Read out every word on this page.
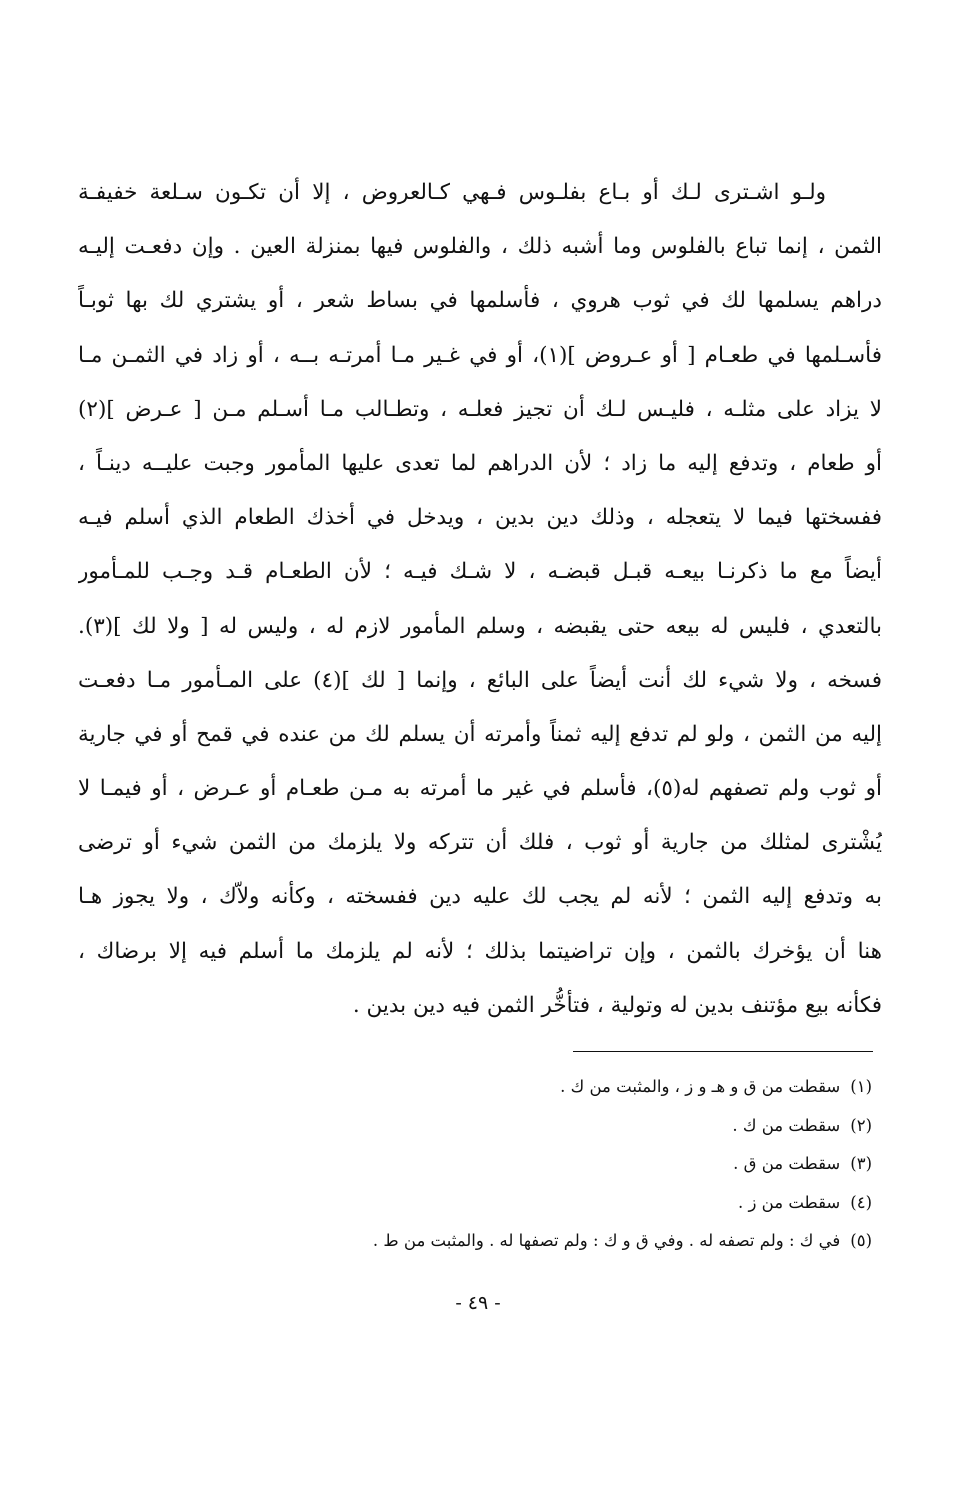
ولـو اشـترى لـك أو بـاع بفلـوس فـهي كـالعروض ، إلا أن تكـون سـلعة خفيفـة
الثمن ، إنما تباع بالفلوس وما أشبه ذلك ، والفلوس فيها بمنزلة العين . وإن دفعـت إليـه
دراهم يسلمها لك في ثوب هروي ، فأسلمها في بساط شعر ، أو يشتري لك بها ثوبـاً
فأسـلمها في طعـام [ أو عـروض ](١)، أو في غـير مـا أمرتـه بــه ، أو زاد في الثمـن مـا
لا يزاد على مثلـه ، فليـس لـك أن تجيز فعلـه ، وتطـالب مـا أسـلم مـن [ عـرض ](٢)
أو طعام ، وتدفع إليه ما زاد ؛ لأن الدراهم لما تعدى عليها المأمور وجبت عليــه دينـاً ،
ففسختها فيما لا يتعجله ، وذلك دين بدين ، ويدخل في أخذك الطعام الذي أسلم فيـه
أيضاً مع ما ذكرنـا بيعـه قبـل قبضـه ، لا شـك فيـه ؛ لأن الطعـام قـد وجـب للمـأمور
بالتعدي ، فليس له بيعه حتى يقبضه ، وسلم المأمور لازم له ، وليس له [ ولا لك ](٣).
فسخه ، ولا شيء لك أنت أيضاً على البائع ، وإنما [ لك ](٤) على المـأمور مـا دفعـت
إليه من الثمن ، ولو لم تدفع إليه ثمناً وأمرته أن يسلم لك من عنده في قمح أو في جارية
أو ثوب ولم تصفهم له(٥)، فأسلم في غير ما أمرته به مـن طعـام أو عـرض ، أو فيمـا لا
يُشْترى لمثلك من جارية أو ثوب ، فلك أن تتركه ولا يلزمك من الثمن شيء أو ترضى
به وتدفع إليه الثمن ؛ لأنه لم يجب لك عليه دين ففسخته ، وكأنه ولاّك ، ولا يجوز هـا
هنا أن يؤخرك بالثمن ، وإن تراضيتما بذلك ؛ لأنه لم يلزمك ما أسلم فيه إلا برضاك ،
فكأنه بيع مؤتنف بدين له وتولية ، فتأخُّر الثمن فيه دين بدين .
(١)سقطت من ق و هـ و ز ، والمثبت من ك .
(٢)سقطت من ك .
(٣)سقطت من ق .
(٤)سقطت من ز .
(٥)في ك : ولم تصفه له . وفي ق و ك : ولم تصفها له . والمثبت من ط .
- ٤٩ -
